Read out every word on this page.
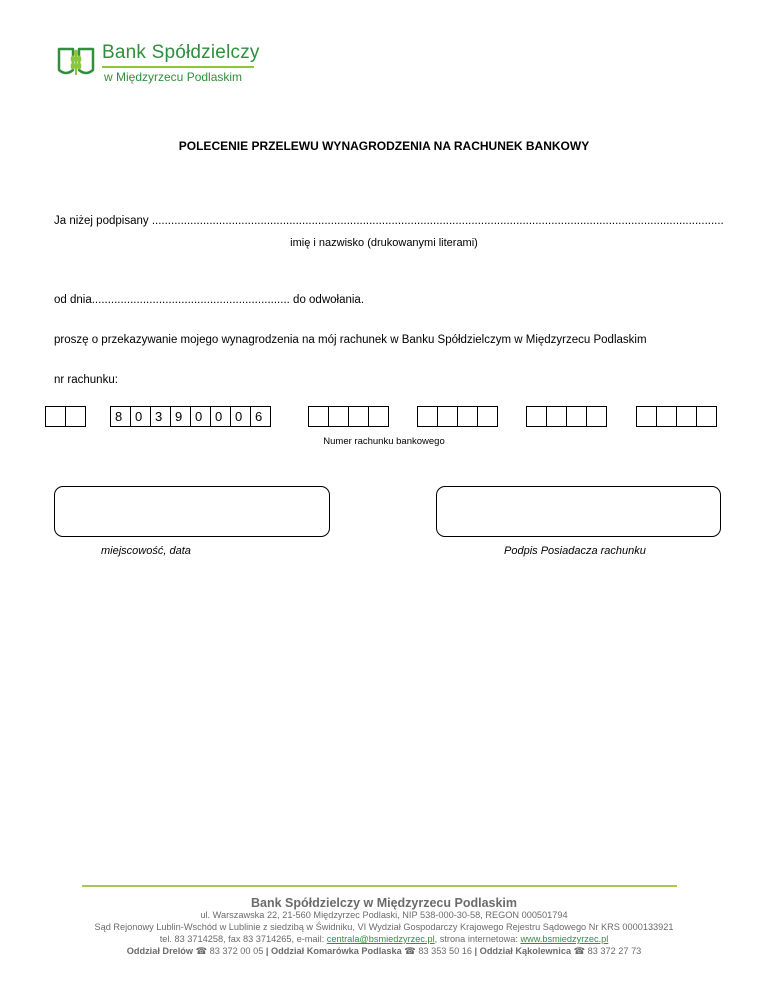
Bank Spółdzielczy
w Międzyrzecu Podlaskim
POLECENIE PRZELEWU WYNAGRODZENIA NA RACHUNEK BANKOWY
Ja niżej podpisany ...................................................................................................................................................................................
imię i nazwisko (drukowanymi literami)
od dnia.............................................................. do odwołania.
proszę o przekazywanie mojego wynagrodzenia na mój rachunek w Banku Spółdzielczym w Międzyrzecu Podlaskim
nr rachunku:
8 0 3 9 0 0 0 6
Numer rachunku bankowego
miejscowość, data	Podpis Posiadacza rachunku
Bank Spółdzielczy w Międzyrzecu Podlaskim
ul. Warszawska 22, 21-560 Międzyrzec Podlaski, NIP 538-000-30-58, REGON 000501794
Sąd Rejonowy Lublin-Wschód w Lublinie z siedzibą w Świdniku, VI Wydział Gospodarczy Krajowego Rejestru Sądowego Nr KRS 0000133921
tel. 83 3714258, fax 83 3714265, e-mail: centrala@bsmiedzyrzec.pl, strona internetowa: www.bsmiedzyrzec.pl
Oddział Drelów ☎ 83 372 00 05 | Oddział Komarówka Podlaska ☎ 83 353 50 16 | Oddział Kąkolewnica ☎ 83 372 27 73
